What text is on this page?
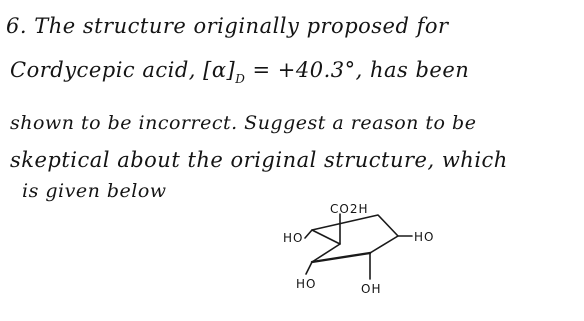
6. The structure originally proposed for
Cordycepic acid, $[\alpha]_D = +40.3^\circ$, has been
shown to be incorrect. Suggest a reason to be
skeptical about the original structure, which
is given below
CO2H
HO	HO
HO	OH
